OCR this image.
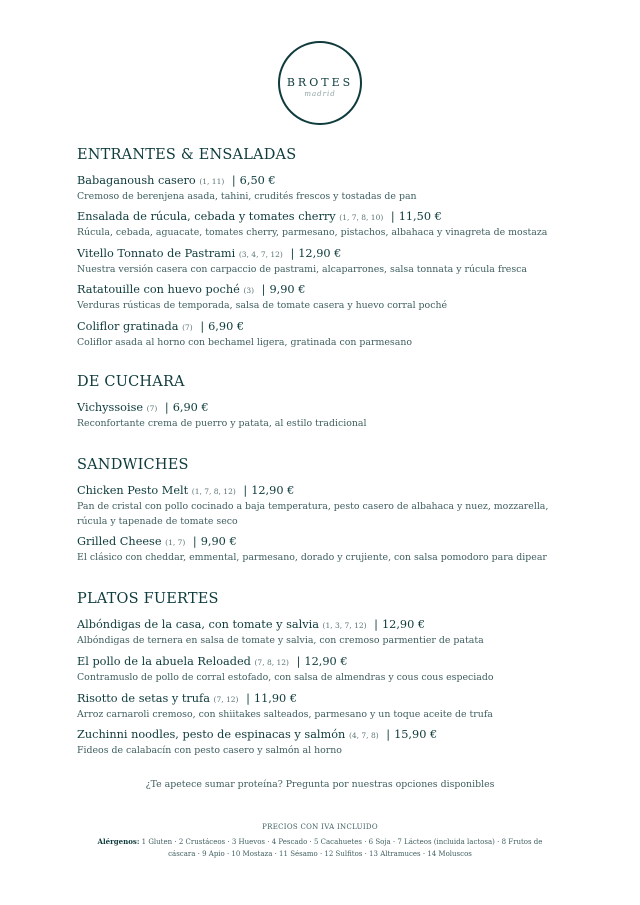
BROTES
madrid
ENTRANTES & ENSALADAS
Babaganoush casero (1, 11) | 6,50 €
Cremoso de berenjena asada, tahini, crudités frescos y tostadas de pan
Ensalada de rúcula, cebada y tomates cherry (1, 7, 8, 10) | 11,50 €
Rúcula, cebada, aguacate, tomates cherry, parmesano, pistachos, albahaca y vinagreta de mostaza
Vitello Tonnato de Pastrami (3, 4, 7, 12) | 12,90 €
Nuestra versión casera con carpaccio de pastrami, alcaparrones, salsa tonnata y rúcula fresca
Ratatouille con huevo poché (3) | 9,90 €
Verduras rústicas de temporada, salsa de tomate casera y huevo corral poché
Coliflor gratinada (7) | 6,90 €
Coliflor asada al horno con bechamel ligera, gratinada con parmesano
DE CUCHARA
Vichyssoise (7) | 6,90 €
Reconfortante crema de puerro y patata, al estilo tradicional
SANDWICHES
Chicken Pesto Melt (1, 7, 8, 12) | 12,90 €
Pan de cristal con pollo cocinado a baja temperatura, pesto casero de albahaca y nuez, mozzarella,
rúcula y tapenade de tomate seco
Grilled Cheese (1, 7) | 9,90 €
El clásico con cheddar, emmental, parmesano, dorado y crujiente, con salsa pomodoro para dipear
PLATOS FUERTES
Albóndigas de la casa, con tomate y salvia (1, 3, 7, 12) | 12,90 €
Albóndigas de ternera en salsa de tomate y salvia, con cremoso parmentier de patata
El pollo de la abuela Reloaded (7, 8, 12) | 12,90 €
Contramuslo de pollo de corral estofado, con salsa de almendras y cous cous especiado
Risotto de setas y trufa (7, 12) | 11,90 €
Arroz carnaroli cremoso, con shiitakes salteados, parmesano y un toque aceite de trufa
Zuchinni noodles, pesto de espinacas y salmón (4, 7, 8) | 15,90 €
Fideos de calabacín con pesto casero y salmón al horno
¿Te apetece sumar proteína? Pregunta por nuestras opciones disponibles
PRECIOS CON IVA INCLUIDO
Alérgenos: 1 Gluten · 2 Crustáceos · 3 Huevos · 4 Pescado · 5 Cacahuetes · 6 Soja · 7 Lácteos (incluida lactosa) · 8 Frutos de
cáscara · 9 Apio · 10 Mostaza · 11 Sésamo · 12 Sulfitos · 13 Altramuces · 14 Moluscos
